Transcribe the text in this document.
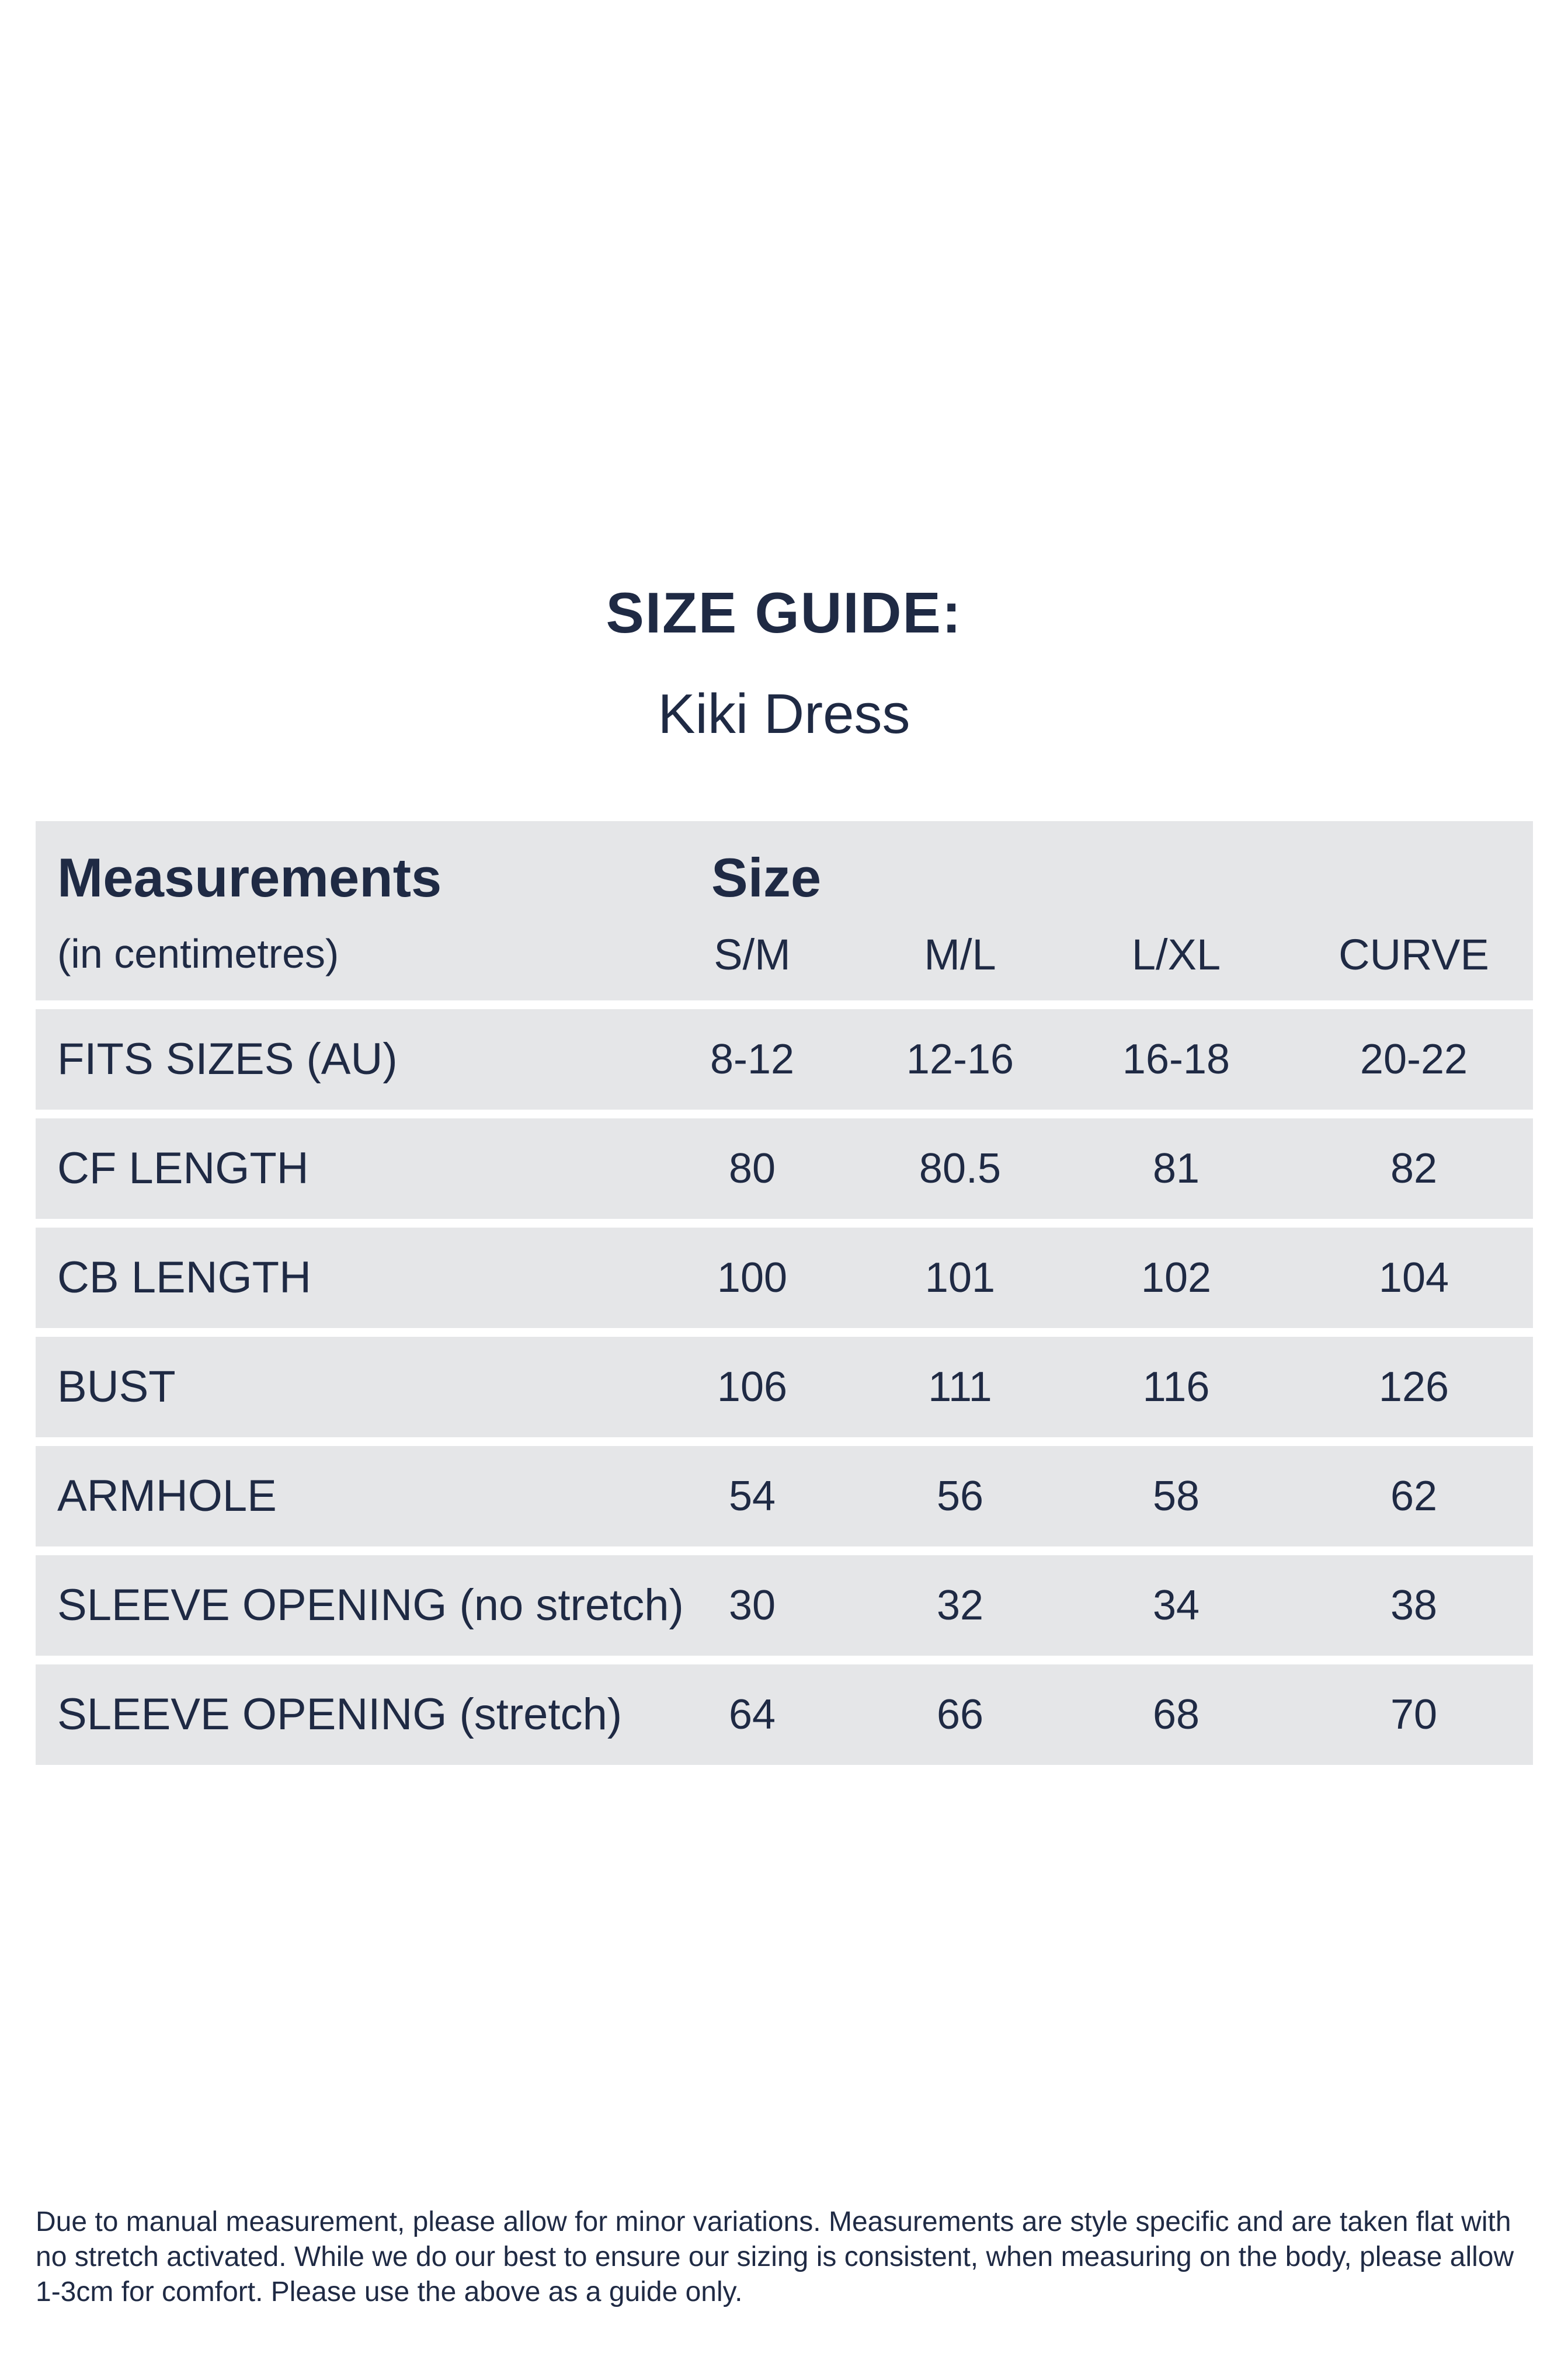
SIZE GUIDE:
Kiki Dress
Measurements
(in centimetres)
Size
S/M	M/L	L/XL	CURVE
FITS SIZES (AU)	8-12	12-16	16-18	20-22
CF LENGTH	80	80.5	81	82
CB LENGTH	100	101	102	104
BUST	106	111	116	126
ARMHOLE	54	56	58	62
SLEEVE OPENING (no stretch) 30	32	34	38
SLEEVE OPENING (stretch)	64	66	68	70
Due to manual measurement, please allow for minor variations. Measurements are style specific and are taken flat with no stretch activated. While we do our best to ensure our sizing is consistent, when measuring on the body, please allow 1-3cm for comfort. Please use the above as a guide only.
